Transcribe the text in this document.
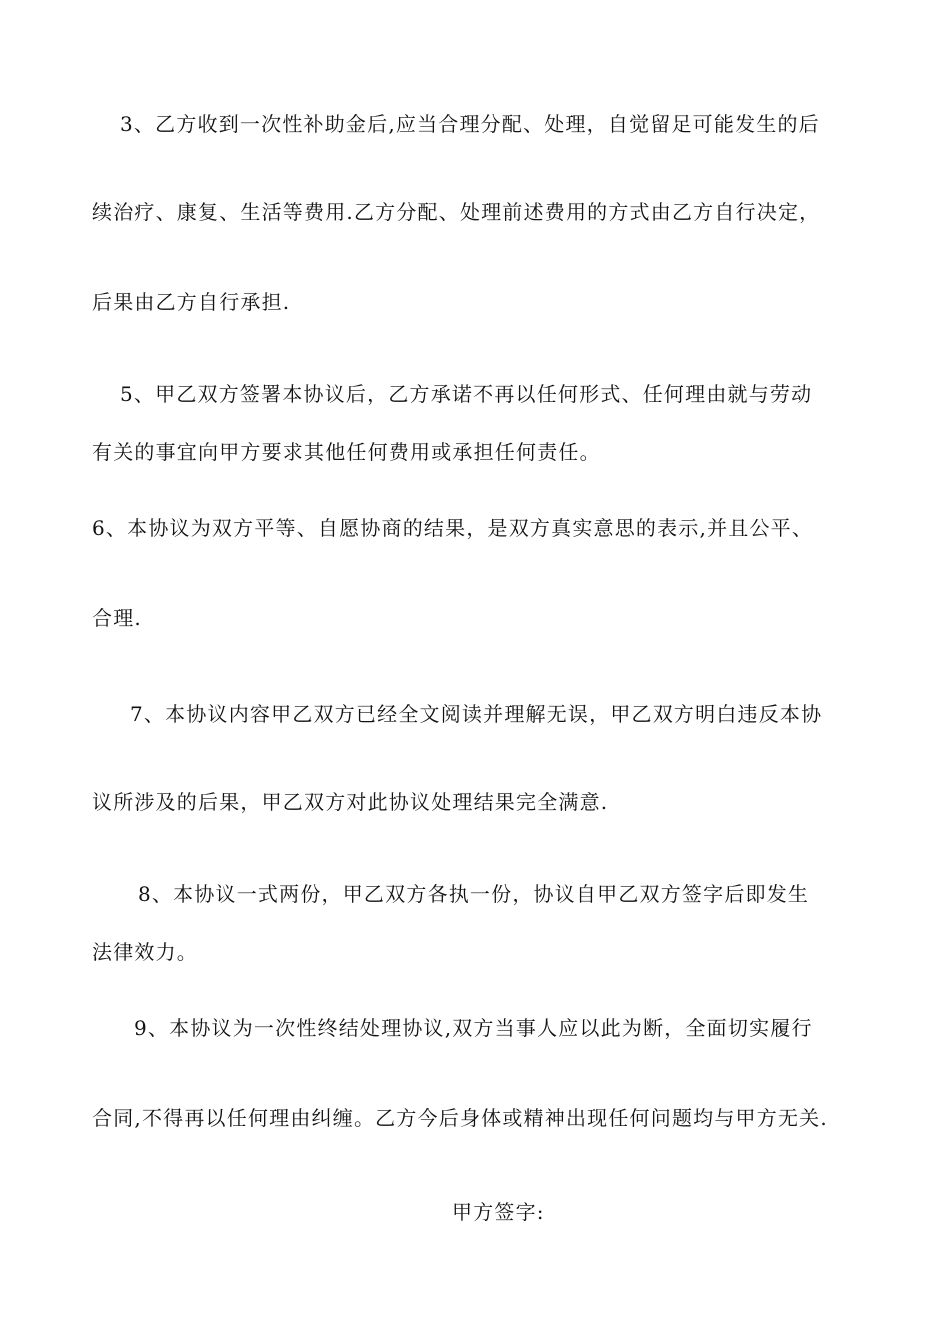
3、乙方收到一次性补助金后,应当合理分配、处理，自觉留足可能发生的后
续治疗、康复、生活等费用.乙方分配、处理前述费用的方式由乙方自行决定，
后果由乙方自行承担.
5、甲乙双方签署本协议后，乙方承诺不再以任何形式、任何理由就与劳动
有关的事宜向甲方要求其他任何费用或承担任何责任。
6、本协议为双方平等、自愿协商的结果，是双方真实意思的表示,并且公平、
合理.
7、本协议内容甲乙双方已经全文阅读并理解无误，甲乙双方明白违反本协
议所涉及的后果，甲乙双方对此协议处理结果完全满意.
8、本协议一式两份，甲乙双方各执一份，协议自甲乙双方签字后即发生
法律效力。
9、本协议为一次性终结处理协议,双方当事人应以此为断，全面切实履行
合同,不得再以任何理由纠缠。乙方今后身体或精神出现任何问题均与甲方无关.
甲方签字:
